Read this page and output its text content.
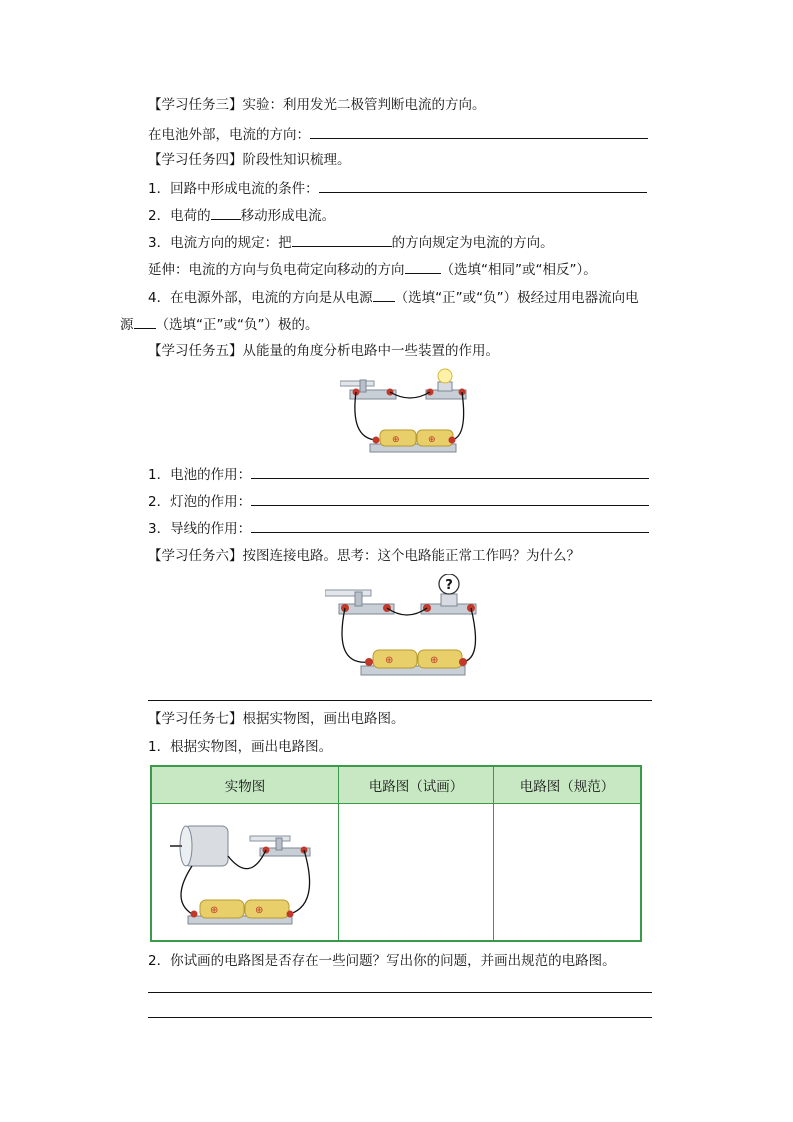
【学习任务三】实验：利用发光二极管判断电流的方向。
在电池外部，电流的方向：
【学习任务四】阶段性知识梳理。
1．回路中形成电流的条件：
2．电荷的 移动形成电流。
3．电流方向的规定：把	的方向规定为电流的方向。
延伸：电流的方向与负电荷定向移动的方向	（选填“相同”或“相反”）。
4．在电源外部，电流的方向是从电源 （选填“正”或“负”）极经过用电器流向电
源 （选填“正”或“负”）极的。
【学习任务五】从能量的角度分析电路中一些装置的作用。
⊕	⊕
1．电池的作用：
2．灯泡的作用：
3．导线的作用：
【学习任务六】按图连接电路。思考：这个电路能正常工作吗？为什么？
?
⊕	⊕
【学习任务七】根据实物图，画出电路图。
1．根据实物图，画出电路图。
实物图	电路图（试画）	电路图（规范）

⊕ ⊕		

2．你试画的电路图是否存在一些问题？写出你的问题，并画出规范的电路图。
